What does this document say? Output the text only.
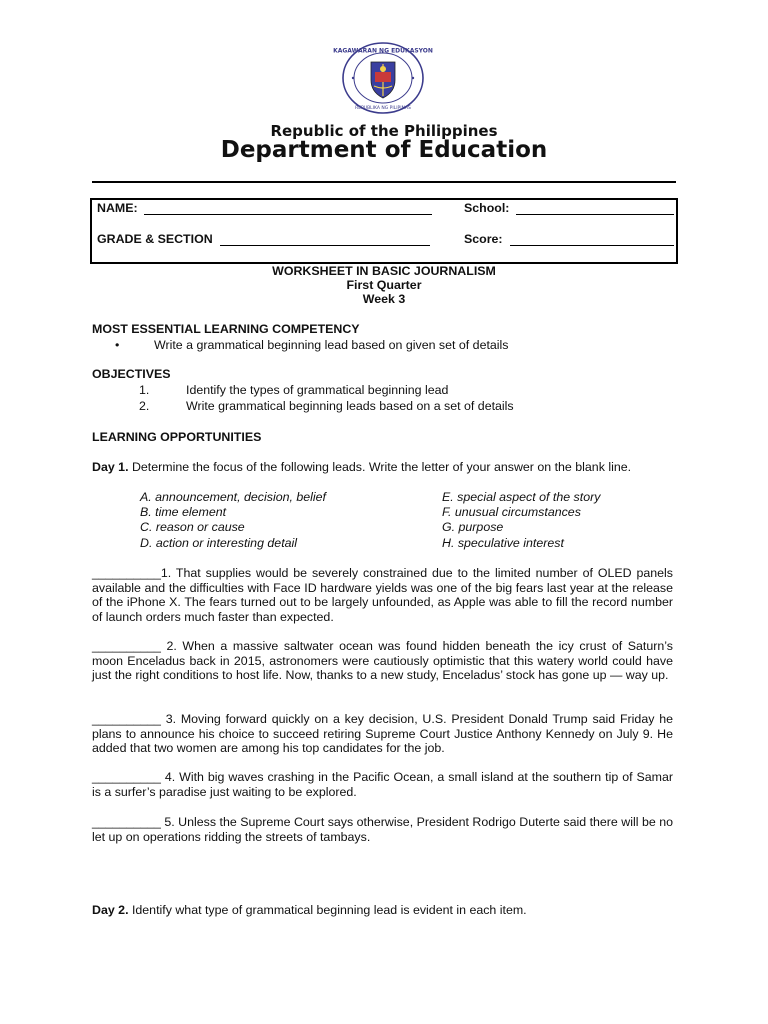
KAGAWARAN NG EDUKASYON
REPUBLIKA NG PILIPINAS
Republic of the Philippines
Department of Education
NAME:	School:
GRADE & SECTION	Score:
WORKSHEET IN BASIC JOURNALISM
First Quarter
Week 3
MOST ESSENTIAL LEARNING COMPETENCY
•	Write a grammatical beginning lead based on given set of details
OBJECTIVES
1.	Identify the types of grammatical beginning lead
2.	Write grammatical beginning leads based on a set of details
LEARNING OPPORTUNITIES
Day 1. Determine the focus of the following leads. Write the letter of your answer on the blank line.
A. announcement, decision, belief
B. time element
C. reason or cause
D. action or interesting detail
E. special aspect of the story
F. unusual circumstances
G. purpose
H. speculative interest
__________1. That supplies would be severely constrained due to the limited number of OLED panels available and the difficulties with Face ID hardware yields was one of the big fears last year at the release of the iPhone X. The fears turned out to be largely unfounded, as Apple was able to fill the record number of launch orders much faster than expected.
__________ 2. When a massive saltwater ocean was found hidden beneath the icy crust of Saturn’s moon Enceladus back in 2015, astronomers were cautiously optimistic that this watery world could have just the right conditions to host life. Now, thanks to a new study, Enceladus’ stock has gone up — way up.
__________ 3. Moving forward quickly on a key decision, U.S. President Donald Trump said Friday he plans to announce his choice to succeed retiring Supreme Court Justice Anthony Kennedy on July 9. He added that two women are among his top candidates for the job.
__________ 4. With big waves crashing in the Pacific Ocean, a small island at the southern tip of Samar is a surfer’s paradise just waiting to be explored.
__________ 5. Unless the Supreme Court says otherwise, President Rodrigo Duterte said there will be no let up on operations ridding the streets of tambays.
Day 2. Identify what type of grammatical beginning lead is evident in each item.
